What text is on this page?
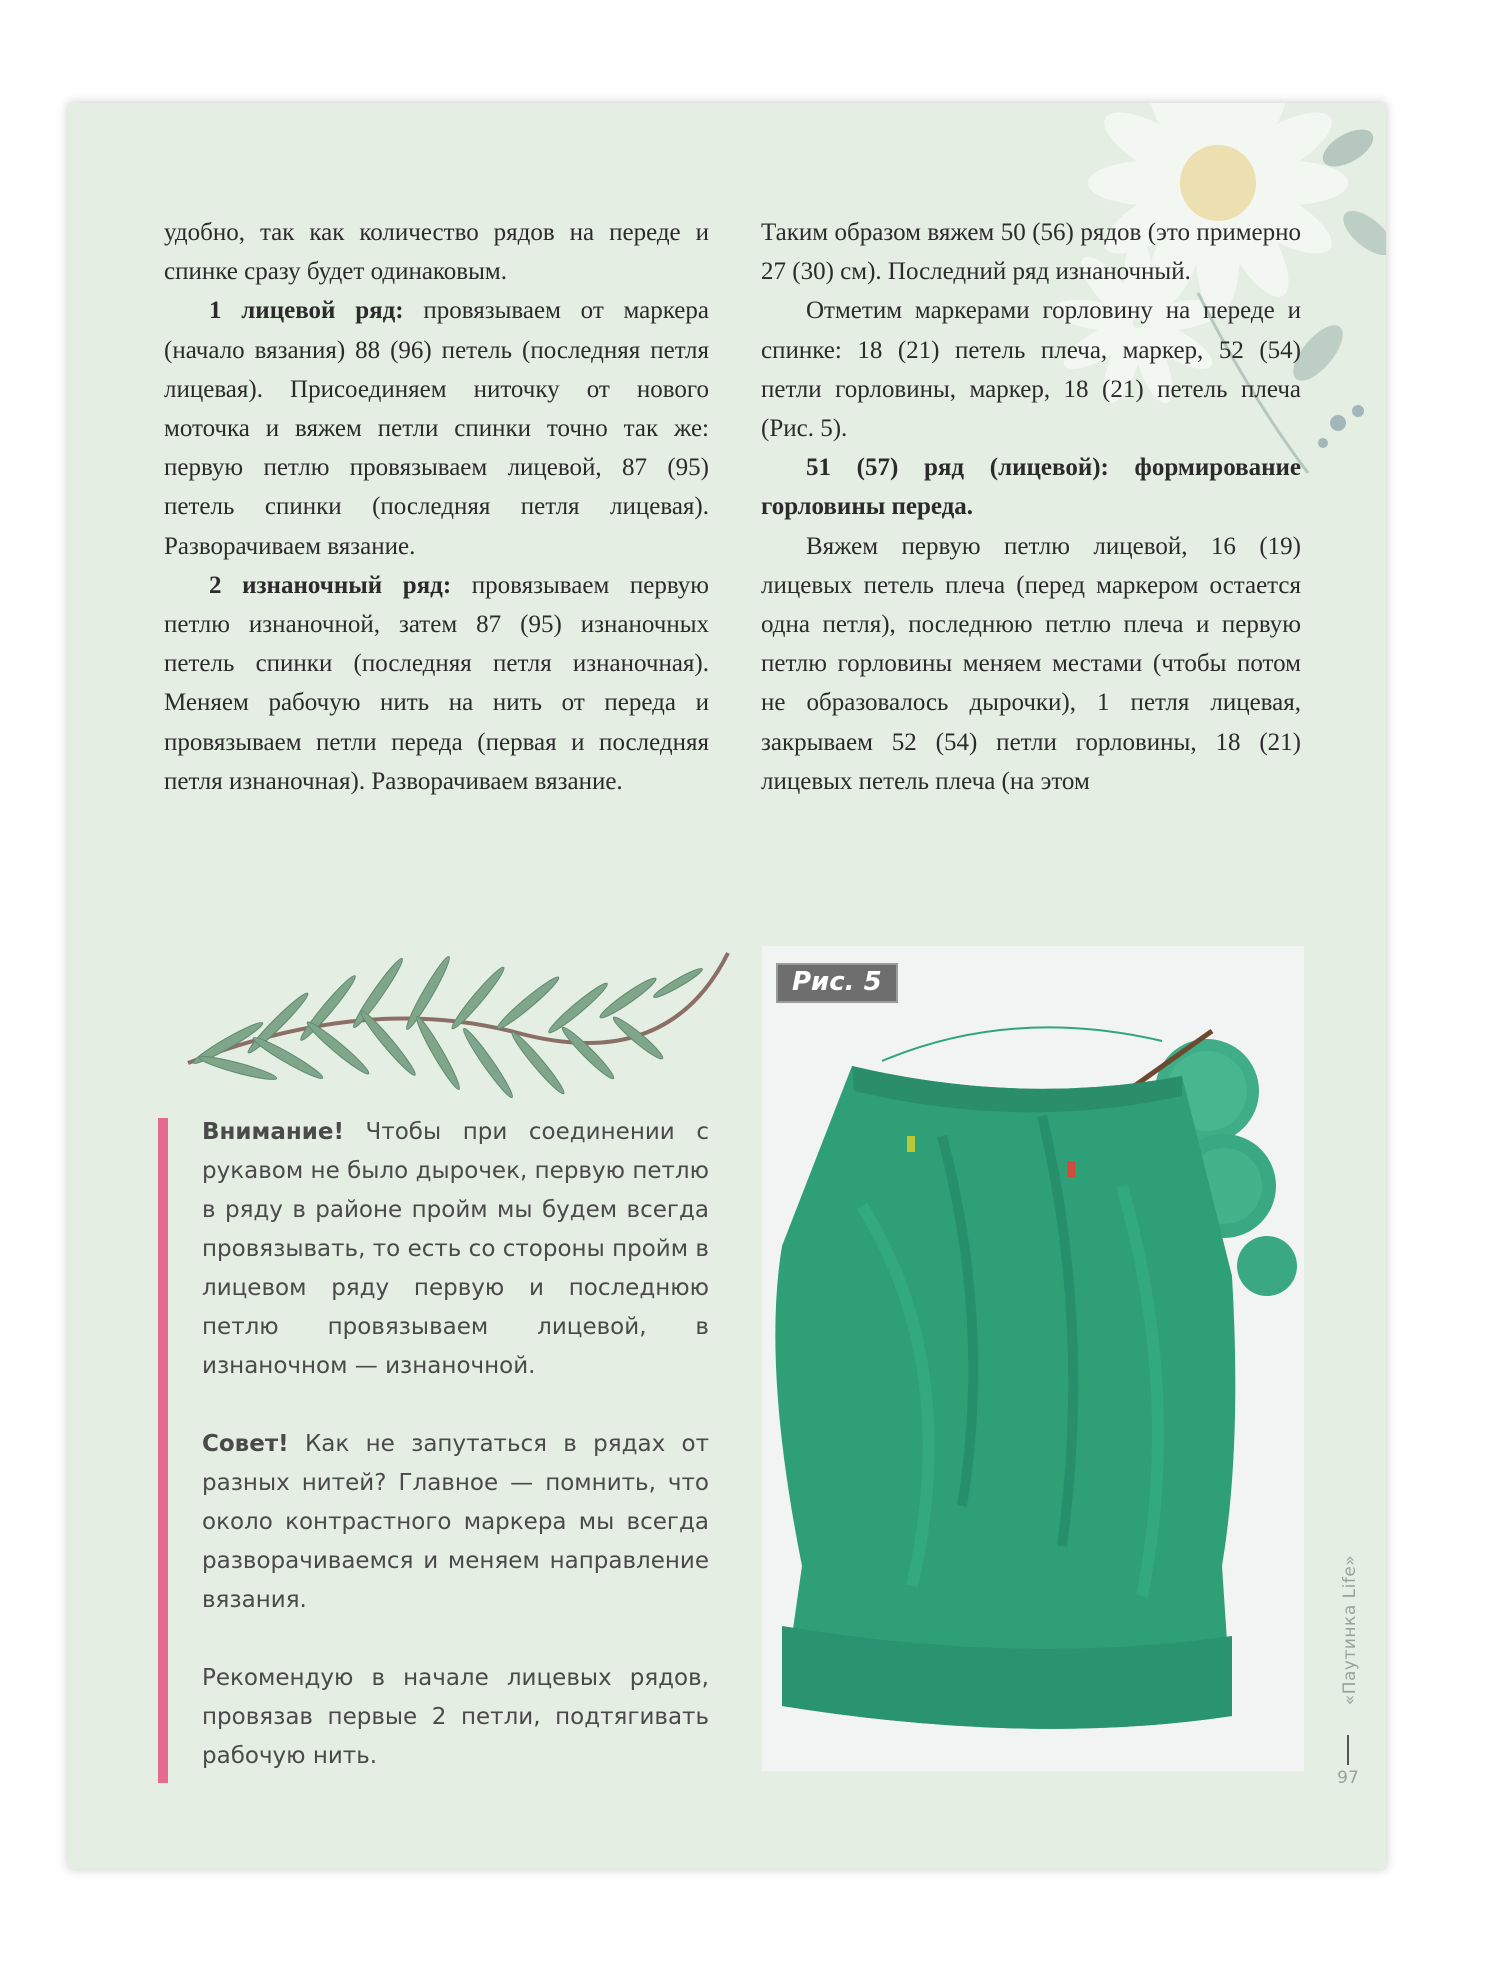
удобно, так как количество рядов на переде и спинке сразу будет одинаковым.

1 лицевой ряд: провязываем от маркера (начало вязания) 88 (96) петель (последняя петля лицевая). Присоединяем ниточку от нового моточка и вяжем петли спинки точно так же: первую петлю провязываем лицевой, 87 (95) петель спинки (последняя петля лицевая). Разворачиваем вязание.

2 изнаночный ряд: провязываем первую петлю изнаночной, затем 87 (95) изнаночных петель спинки (последняя петля изнаночная). Меняем рабочую нить на нить от переда и провязываем петли переда (первая и последняя петля изнаночная). Разворачиваем вязание.

Таким образом вяжем 50 (56) рядов (это примерно 27 (30) см). Последний ряд изнаночный.

Отметим маркерами горловину на переде и спинке: 18 (21) петель плеча, маркер, 52 (54) петли горловины, маркер, 18 (21) петель плеча (Рис. 5).

51 (57) ряд (лицевой): формирование горловины переда.

Вяжем первую петлю лицевой, 16 (19) лицевых петель плеча (перед маркером остается одна петля), последнюю петлю плеча и первую петлю горловины меняем местами (чтобы потом не образовалось дырочки), 1 петля лицевая, закрываем 52 (54) петли горловины, 18 (21) лицевых петель плеча (на этом

Внимание! Чтобы при соединении с рукавом не было дырочек, первую петлю в ряду в районе пройм мы будем всегда провязывать, то есть со стороны пройм в лицевом ряду первую и последнюю петлю провязываем лицевой, в изнаночном — изнаночной.

Совет! Как не запутаться в рядах от разных нитей? Главное — помнить, что около контрастного маркера мы всегда разворачиваемся и меняем направление вязания.

Рекомендую в начале лицевых рядов, провязав первые 2 петли, подтягивать рабочую нить.

Рис. 5
«Паутинка Life»
97
